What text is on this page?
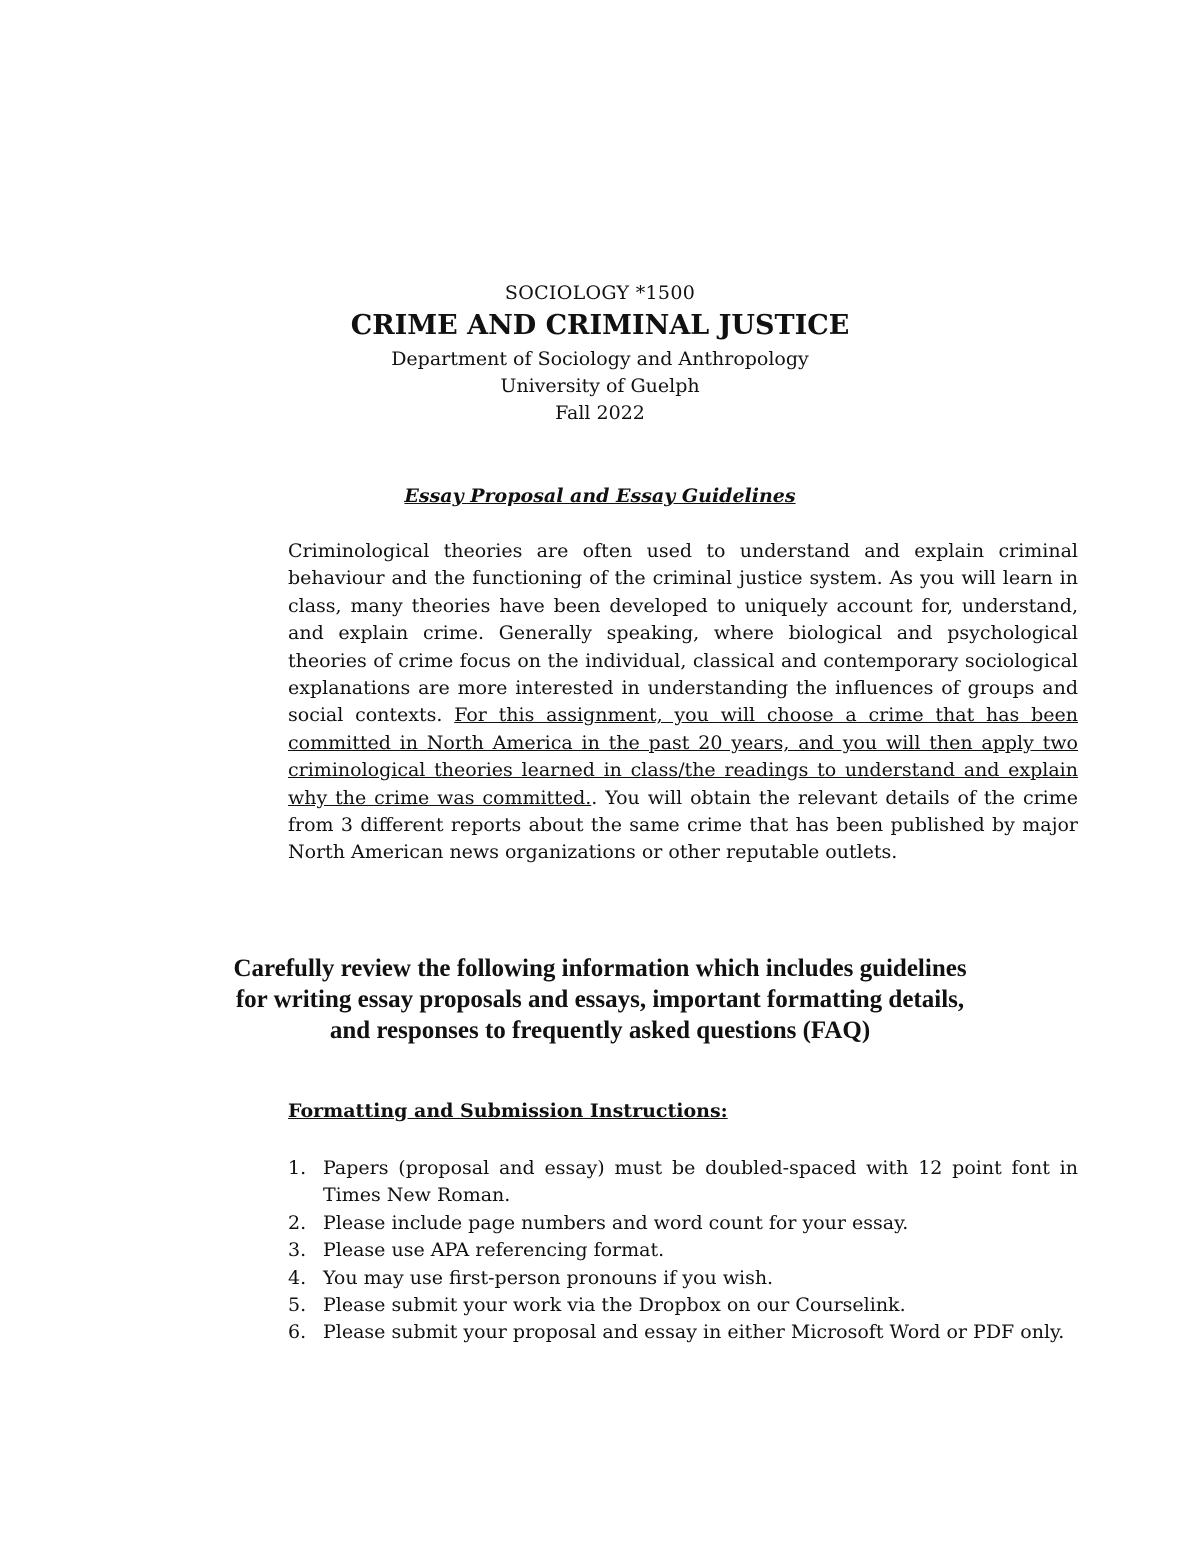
SOCIOLOGY *1500
CRIME AND CRIMINAL JUSTICE
Department of Sociology and Anthropology
University of Guelph
Fall 2022
Essay Proposal and Essay Guidelines
Criminological theories are often used to understand and explain criminal behaviour and the functioning of the criminal justice system. As you will learn in class, many theories have been developed to uniquely account for, understand, and explain crime. Generally speaking, where biological and psychological theories of crime focus on the individual, classical and contemporary sociological explanations are more interested in understanding the influences of groups and social contexts. For this assignment, you will choose a crime that has been committed in North America in the past 20 years, and you will then apply two criminological theories learned in class/the readings to understand and explain why the crime was committed.. You will obtain the relevant details of the crime from 3 different reports about the same crime that has been published by major North American news organizations or other reputable outlets.
Carefully review the following information which includes guidelines
for writing essay proposals and essays, important formatting details,
and responses to frequently asked questions (FAQ)
Formatting and Submission Instructions:
1. Papers (proposal and essay) must be doubled-spaced with 12 point font in Times New Roman.
2. Please include page numbers and word count for your essay.
3. Please use APA referencing format.
4. You may use first-person pronouns if you wish.
5. Please submit your work via the Dropbox on our Courselink.
6. Please submit your proposal and essay in either Microsoft Word or PDF only.
